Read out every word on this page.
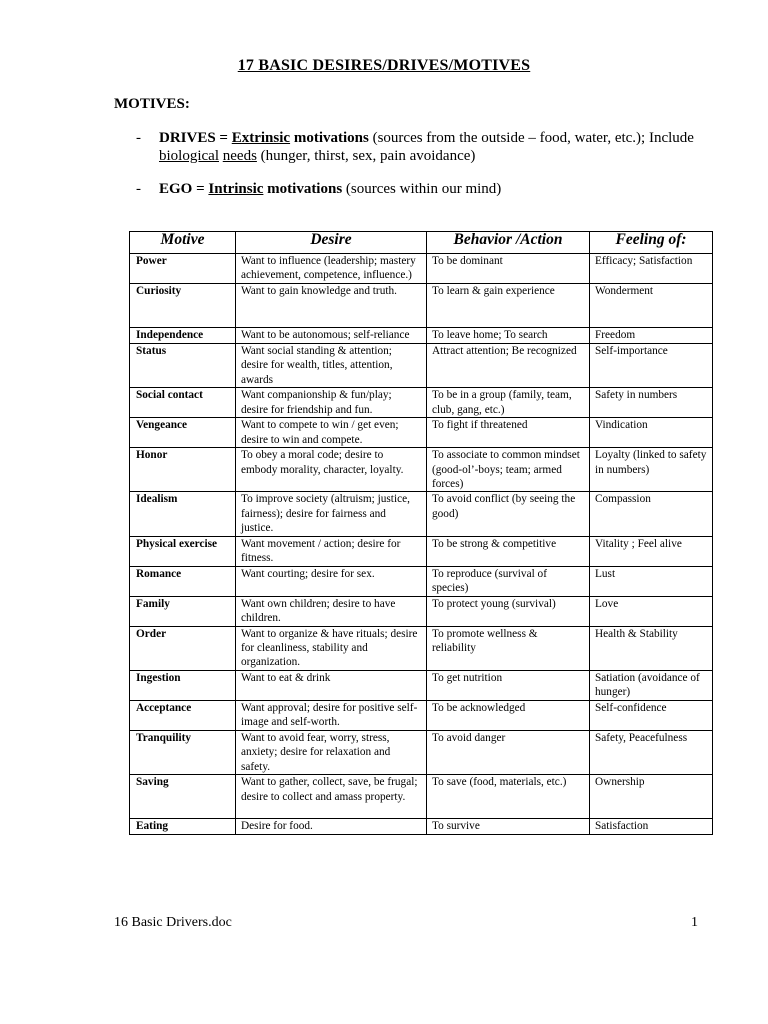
17 BASIC DESIRES/DRIVES/MOTIVES
MOTIVES:
- DRIVES = Extrinsic motivations (sources from the outside – food, water, etc.); Include biological needs (hunger, thirst, sex, pain avoidance)
- EGO = Intrinsic motivations (sources within our mind)
Motive	Desire	Behavior /Action	Feeling of:
Power	Want to influence (leadership; mastery achievement, competence, influence.)	To be dominant	Efficacy; Satisfaction
Curiosity	Want to gain knowledge and truth.	To learn & gain experience	Wonderment
Independence	Want to be autonomous; self-reliance	To leave home; To search	Freedom
Status	Want social standing & attention; desire for wealth, titles, attention, awards	Attract attention; Be recognized	Self-importance
Social contact	Want companionship & fun/play; desire for friendship and fun.	To be in a group (family, team, club, gang, etc.)	Safety in numbers
Vengeance	Want to compete to win / get even; desire to win and compete.	To fight if threatened	Vindication
Honor	To obey a moral code; desire to embody morality, character, loyalty.	To associate to common mindset (good-ol’-boys; team; armed forces)	Loyalty (linked to safety in numbers)
Idealism	To improve society (altruism; justice, fairness); desire for fairness and justice.	To avoid conflict (by seeing the good)	Compassion
Physical exercise	Want movement / action; desire for fitness.	To be strong & competitive	Vitality ; Feel alive
Romance	Want courting; desire for sex.	To reproduce (survival of species)	Lust
Family	Want own children; desire to have children.	To protect young (survival)	Love
Order	Want to organize & have rituals; desire for cleanliness, stability and organization.	To promote wellness & reliability	Health & Stability
Ingestion	Want to eat & drink	To get nutrition	Satiation (avoidance of hunger)
Acceptance	Want approval; desire for positive self-image and self-worth.	To be acknowledged	Self-confidence
Tranquility	Want to avoid fear, worry, stress, anxiety; desire for relaxation and safety.	To avoid danger	Safety, Peacefulness
Saving	Want to gather, collect, save, be frugal; desire to collect and amass property.	To save (food, materials, etc.)	Ownership
Eating	Desire for food.	To survive	Satisfaction
16 Basic Drivers.doc	1
